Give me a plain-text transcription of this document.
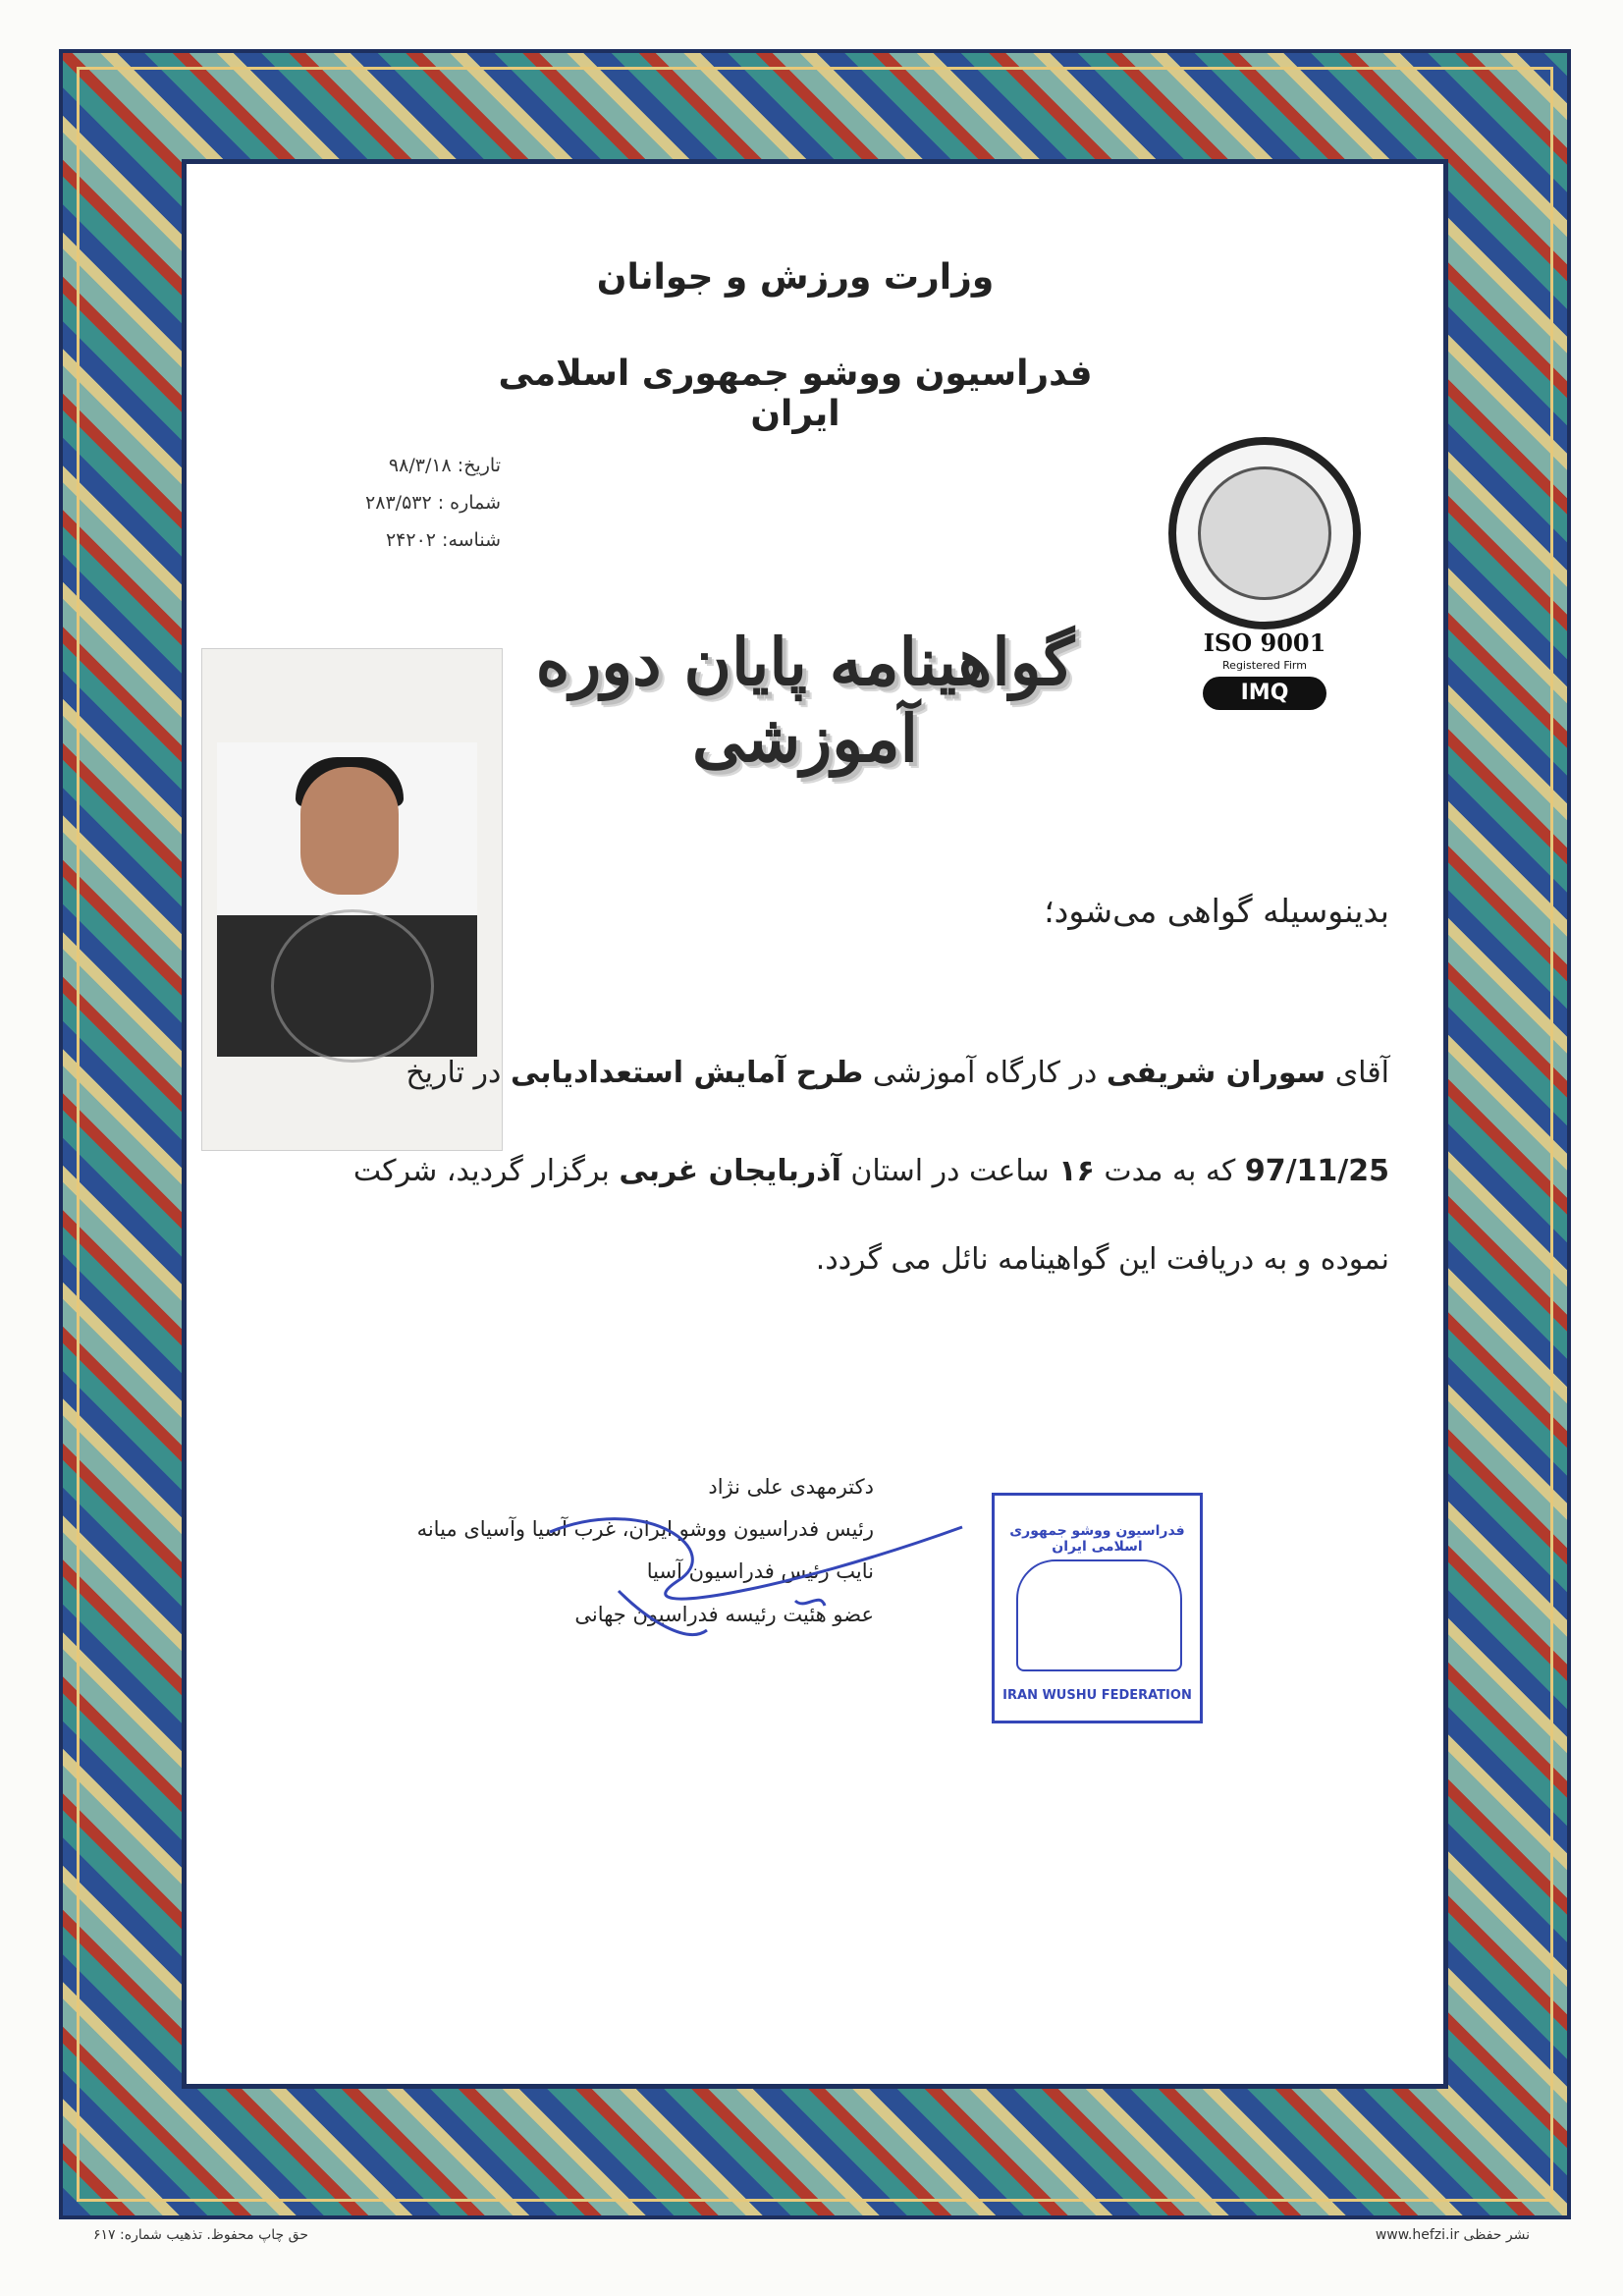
وزارت ورزش و جوانان
فدراسیون ووشو جمهوری اسلامی ایران
تاریخ: ۹۸/۳/۱۸
شماره : ۲۸۳/۵۳۲
شناسه: ۲۴۲۰۲
ISO 9001
Registered Firm
IMQ
گواهینامه پایان دوره آموزشی
بدینوسیله گواهی می‌شود؛
آقای سوران شریفی در کارگاه آموزشی طرح آمایش استعدادیابی در تاریخ
97/11/25 که به مدت ۱۶ ساعت در استان آذربایجان غربی برگزار گردید، شرکت
نموده و به دریافت این گواهینامه نائل می گردد.
دکترمهدی علی نژاد
رئیس فدراسیون ووشو ایران، غرب آسیا وآسیای میانه
نایب رئیس فدراسیون آسیا
عضو هئیت رئیسه فدراسیون جهانی
فدراسیون ووشو جمهوری اسلامی ایران
IRAN WUSHU FEDERATION
حق چاپ محفوظ. تذهیب شماره: ۶۱۷	www.hefzi.ir نشر حفظی
